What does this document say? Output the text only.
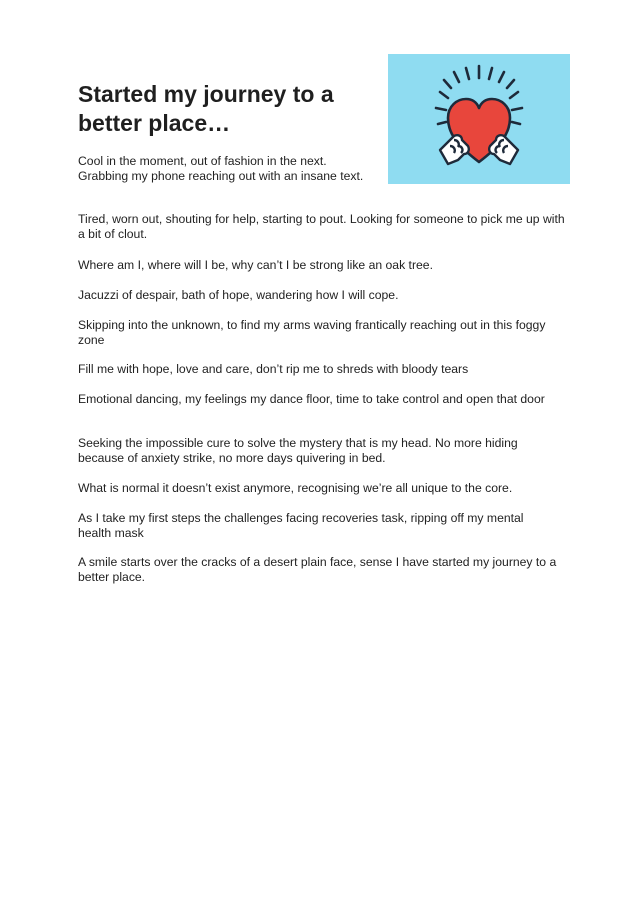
Started my journey to a better place…

Cool in the moment, out of fashion in the next. Grabbing my phone reaching out with an insane text.

Tired, worn out, shouting for help, starting to pout. Looking for someone to pick me up with a bit of clout.

Where am I, where will I be, why can’t I be strong like an oak tree.

Jacuzzi of despair, bath of hope, wandering how I will cope.

Skipping into the unknown, to find my arms waving frantically reaching out in this foggy zone

Fill me with hope, love and care, don’t rip me to shreds with bloody tears

Emotional dancing, my feelings my dance floor, time to take control and open that door

Seeking the impossible cure to solve the mystery that is my head. No more hiding because of anxiety strike, no more days quivering in bed.

What is normal it doesn’t exist anymore, recognising we’re all unique to the core.

As I take my first steps the challenges facing recoveries task, ripping off my mental health mask

A smile starts over the cracks of a desert plain face, sense I have started my journey to a better place.
